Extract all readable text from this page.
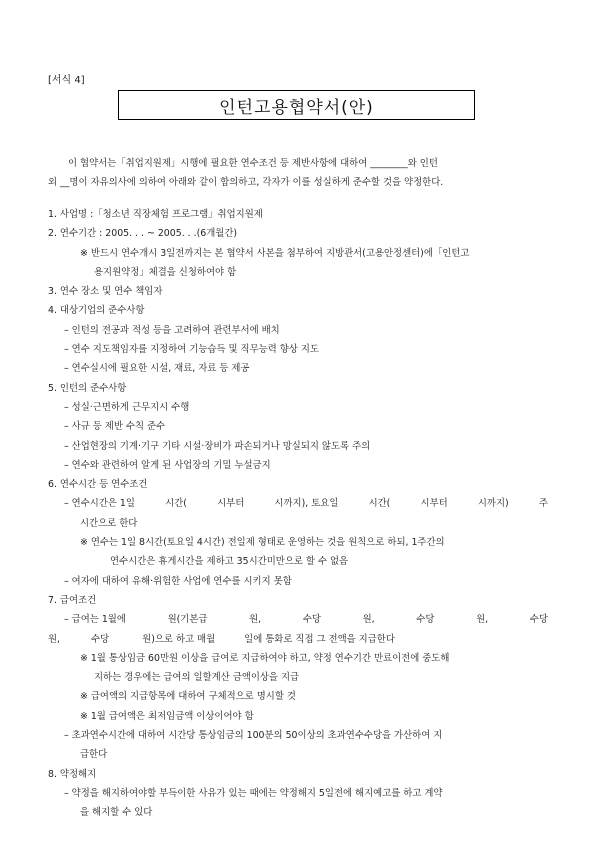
[서식 4]
인턴고용협약서(안)
이 협약서는「취업지원제」시행에 필요한 연수조건 등 제반사항에 대하여 ________와 인턴
외 __명이 자유의사에 의하여 아래와 같이 합의하고, 각자가 이를 성실하게 준수할 것을 약정한다.
1. 사업명 :「청소년 직장체험 프로그램」취업지원제
2. 연수기간 : 2005. . . ~ 2005. . .(6개월간)
※ 반드시 연수개시 3일전까지는 본 협약서 사본을 첨부하여 지방관서(고용안정센터)에「인턴고
용지원약정」체결을 신청하여야 함
3. 연수 장소 및 연수 책임자
4. 대상기업의 준수사항
– 인턴의 전공과 적성 등을 고려하여 관련부서에 배치
– 연수 지도책임자를 지정하여 기능습득 및 직무능력 향상 지도
– 연수실시에 필요한 시설, 재료, 자료 등 제공
5. 인턴의 준수사항
– 성실·근면하게 근무지시 수행
– 사규 등 제반 수칙 준수
– 산업현장의 기계·기구 기타 시설·장비가 파손되거나 망실되지 않도록 주의
– 연수와 관련하여 알게 된 사업장의 기밀 누설금지
6. 연수시간 등 연수조건
– 연수시간은 1일	시간(	시부터	시까지), 토요일	시간(	시부터	시까지)	주
시간으로 한다
※ 연수는 1일 8시간(토요일 4시간) 전일제 형태로 운영하는 것을 원칙으로 하되, 1주간의
연수시간은 휴게시간을 제하고 35시간미만으로 할 수 없음
– 여자에 대하여 유해·위험한 사업에 연수를 시키지 못함
7. 급여조건
– 급여는 1월에	원(기본급	원,	수당	원,	수당	원,	수당
원,	수당	원)으로 하고 매월	일에 통화로 직접 그 전액을 지급한다
※ 1월 통상임금 60만원 이상을 급여로 지급하여야 하고, 약정 연수기간 만료이전에 중도해
지하는 경우에는 급여의 일할계산 금액이상을 지급
※ 급여액의 지급항목에 대하여 구체적으로 명시할 것
※ 1월 급여액은 최저임금액 이상이어야 함
– 초과연수시간에 대하여 시간당 통상임금의 100분의 50이상의 초과연수수당을 가산하여 지
급한다
8. 약정해지
– 약정을 해지하여야할 부득이한 사유가 있는 때에는 약정해지 5일전에 해지예고를 하고 계약
을 해지할 수 있다
